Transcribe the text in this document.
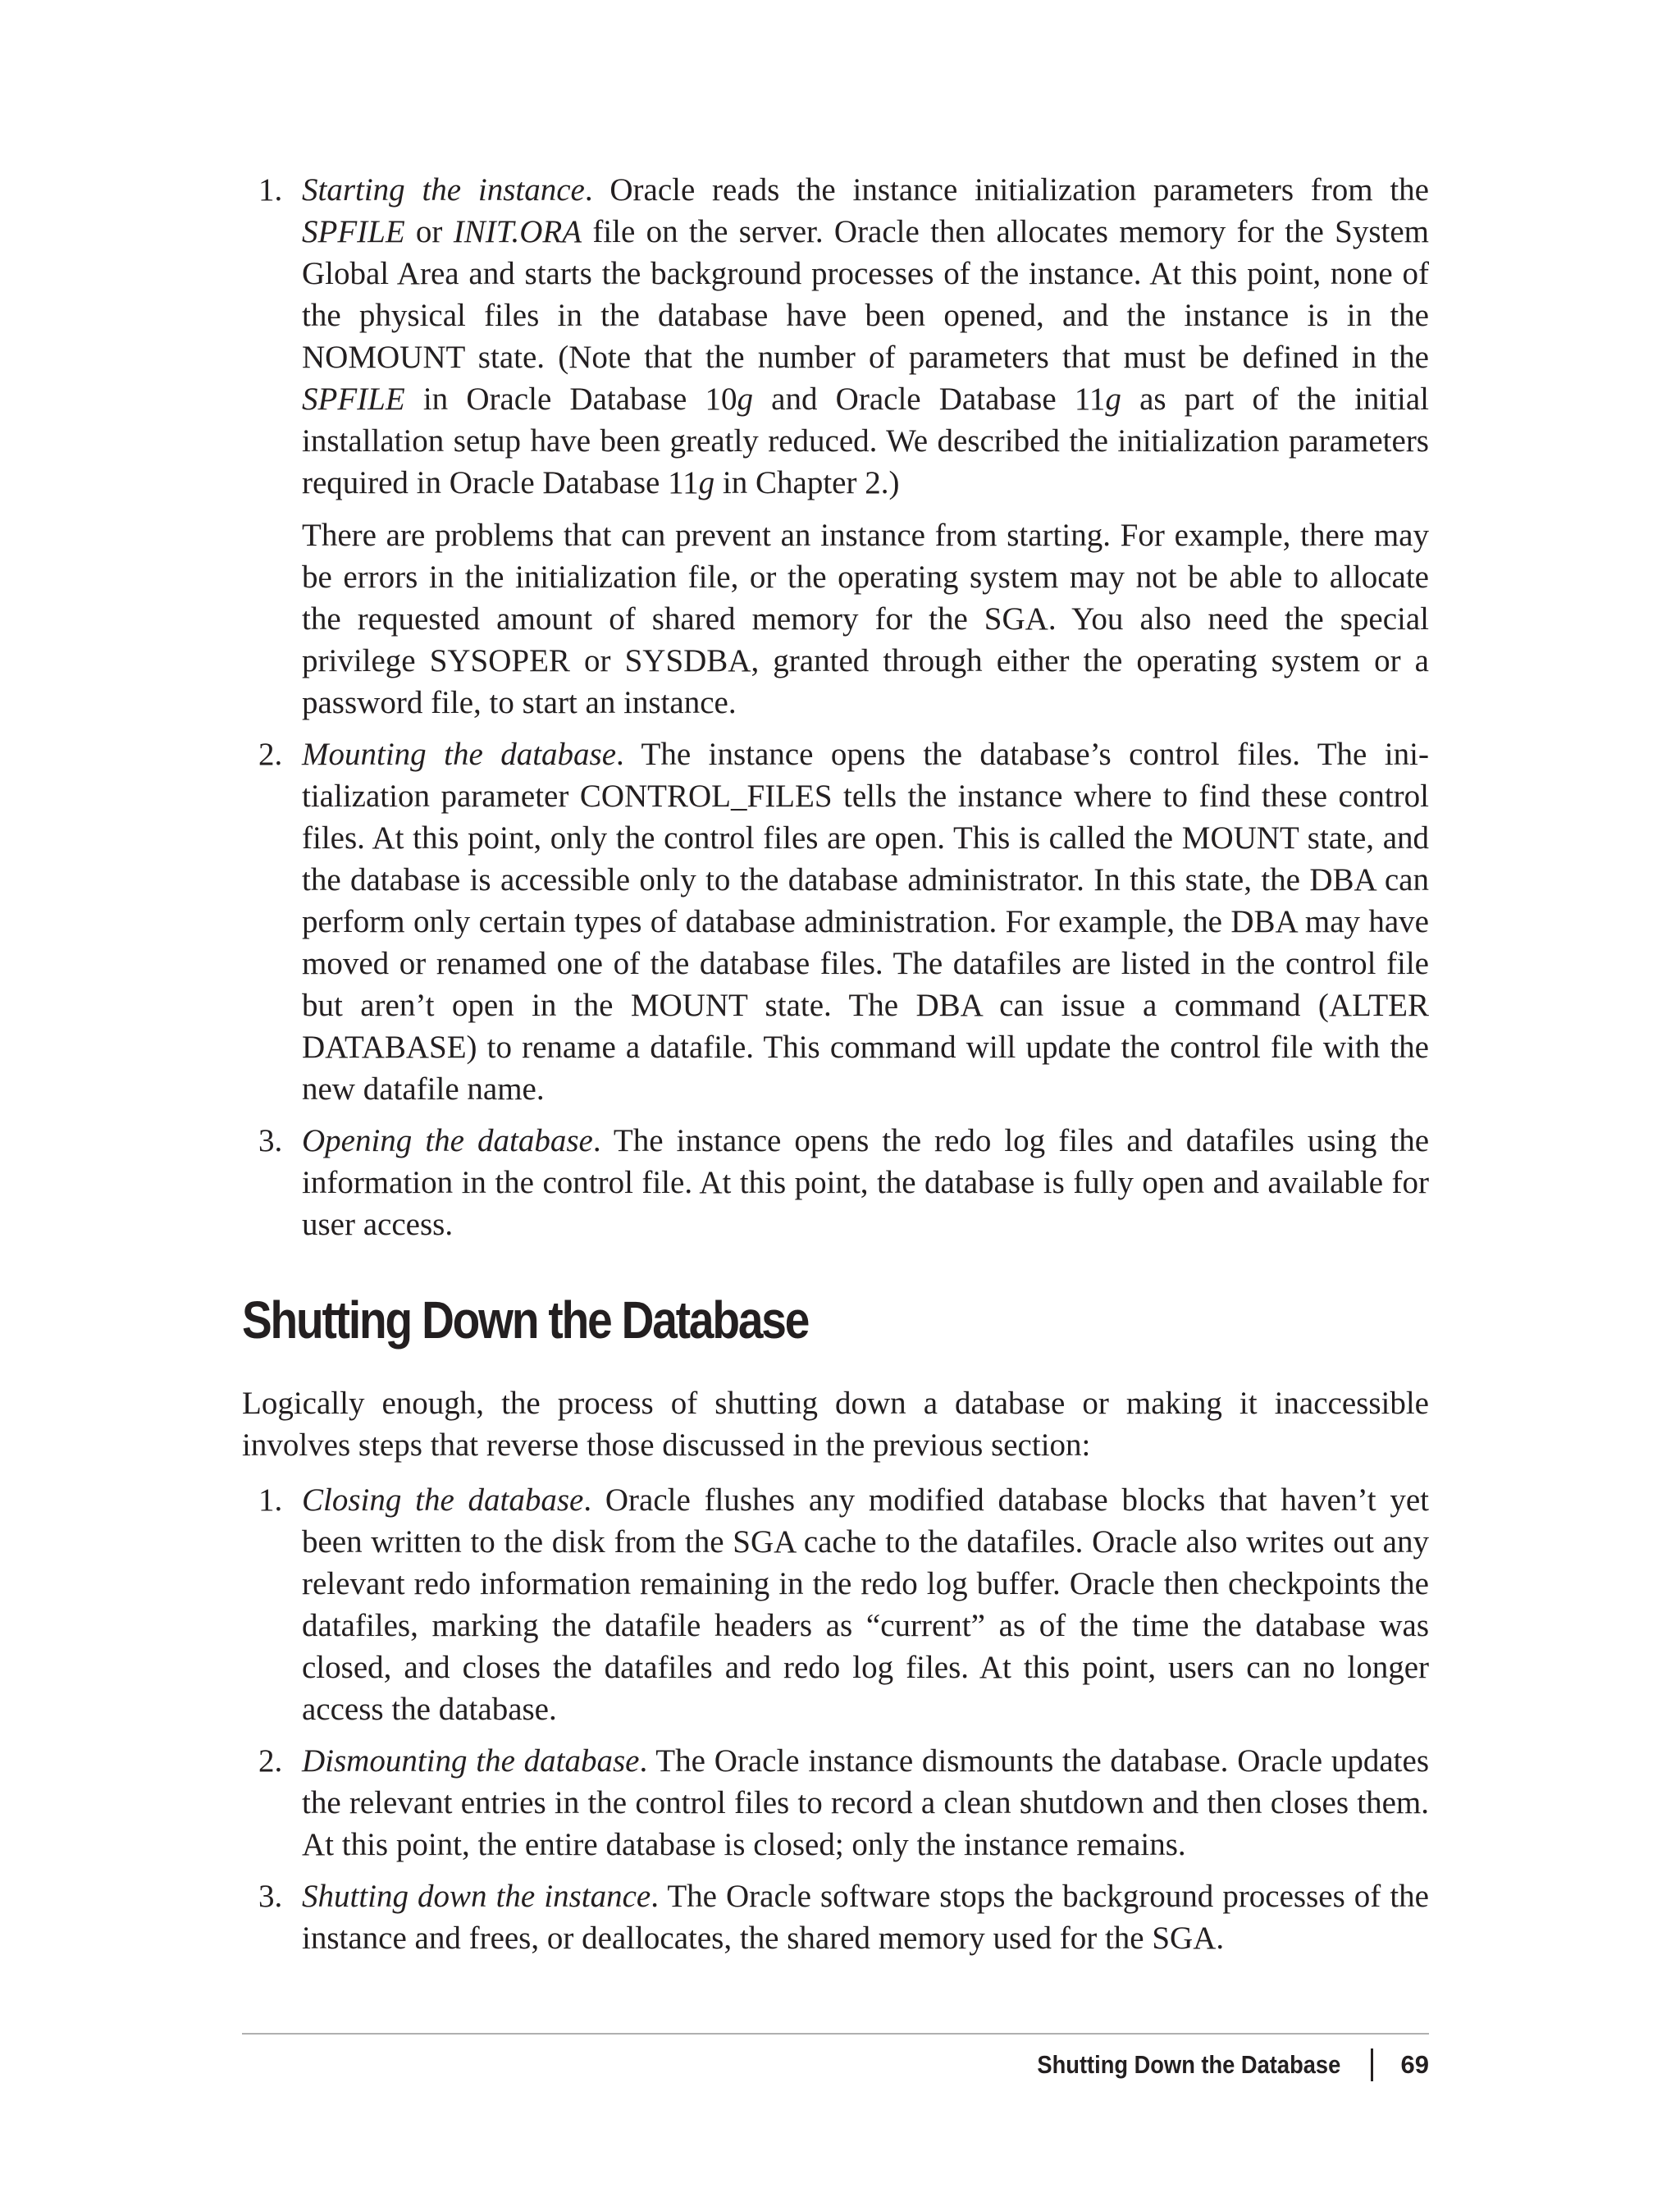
1. Starting the instance. Oracle reads the instance initialization parameters from the SPFILE or INIT.ORA file on the server. Oracle then allocates memory for the System Global Area and starts the background processes of the instance. At this point, none of the physical files in the database have been opened, and the instance is in the NOMOUNT state. (Note that the number of parameters that must be defined in the SPFILE in Oracle Database 10g and Oracle Database 11g as part of the initial installation setup have been greatly reduced. We described the initialization parameters required in Oracle Database 11g in Chapter 2.)

There are problems that can prevent an instance from starting. For example, there may be errors in the initialization file, or the operating system may not be able to allocate the requested amount of shared memory for the SGA. You also need the special privilege SYSOPER or SYSDBA, granted through either the operating system or a password file, to start an instance.

2. Mounting the database. The instance opens the database’s control files. The initialization parameter CONTROL_FILES tells the instance where to find these control files. At this point, only the control files are open. This is called the MOUNT state, and the database is accessible only to the database administrator. In this state, the DBA can perform only certain types of database administration. For example, the DBA may have moved or renamed one of the database files. The datafiles are listed in the control file but aren’t open in the MOUNT state. The DBA can issue a command (ALTER DATABASE) to rename a datafile. This command will update the control file with the new datafile name.

3. Opening the database. The instance opens the redo log files and datafiles using the information in the control file. At this point, the database is fully open and available for user access.

Shutting Down the Database

Logically enough, the process of shutting down a database or making it inaccessible involves steps that reverse those discussed in the previous section:

1. Closing the database. Oracle flushes any modified database blocks that haven’t yet been written to the disk from the SGA cache to the datafiles. Oracle also writes out any relevant redo information remaining in the redo log buffer. Oracle then checkpoints the datafiles, marking the datafile headers as “current” as of the time the database was closed, and closes the datafiles and redo log files. At this point, users can no longer access the database.

2. Dismounting the database. The Oracle instance dismounts the database. Oracle updates the relevant entries in the control files to record a clean shutdown and then closes them. At this point, the entire database is closed; only the instance remains.

3. Shutting down the instance. The Oracle software stops the background processes of the instance and frees, or deallocates, the shared memory used for the SGA.

Shutting Down the Database 69
